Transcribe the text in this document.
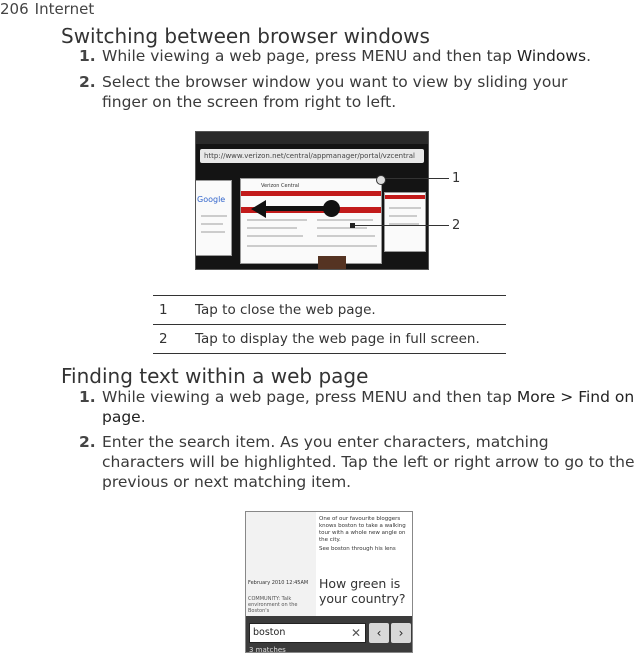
206 Internet
Switching between browser windows
1. While viewing a web page, press MENU and then tap Windows.
2. Select the browser window you want to view by sliding your finger on the screen from right to left.
http://www.verizon.net/central/appmanager/portal/vzcentral
Google
Verizon Central	1
2
1	Tap to close the web page.
2	Tap to display the web page in full screen.
Finding text within a web page
1. While viewing a web page, press MENU and then tap More > Find on page.
2. Enter the search item. As you enter characters, matching characters will be highlighted. Tap the left or right arrow to go to the previous or next matching item.
One of our favourite bloggers knows boston to take a walking tour with a whole new angle on the city.
See boston through his lens
February 2010 12:45AM
COMMUNITY: Talk environment on the Boston's
How green is your country?
boston	✕	‹	›
3 matches
